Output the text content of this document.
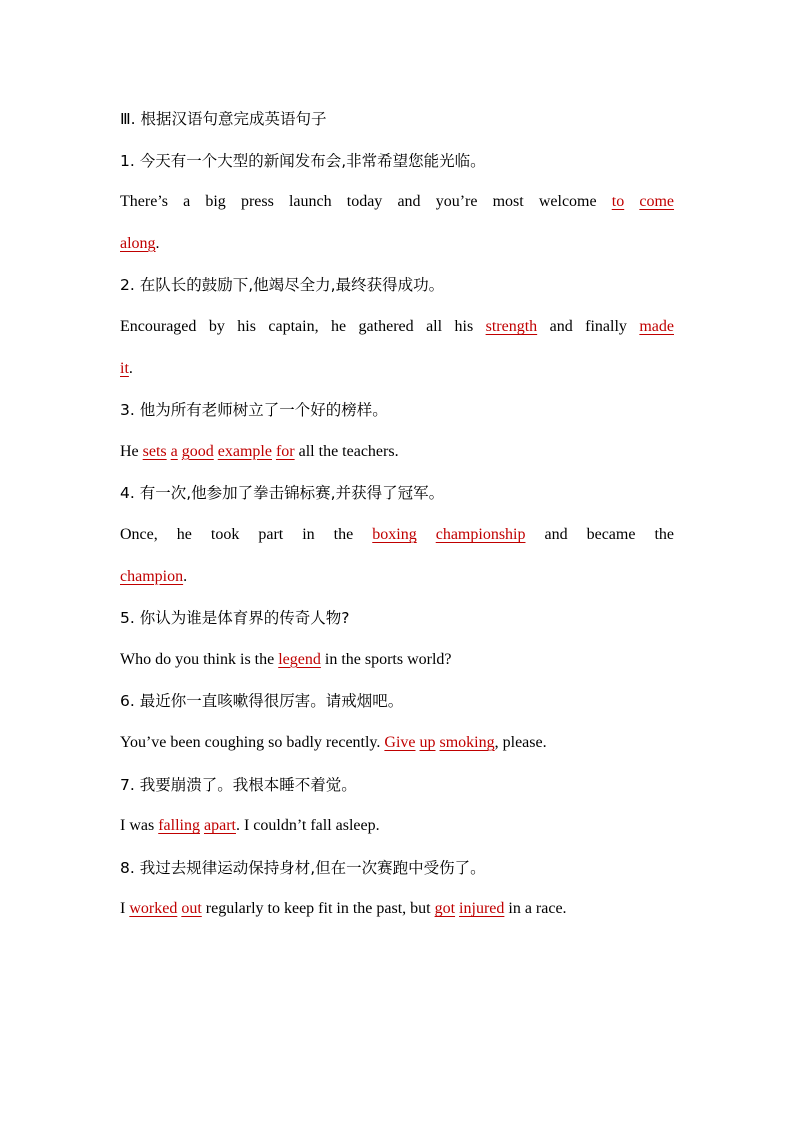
Ⅲ. 根据汉语句意完成英语句子
1. 今天有一个大型的新闻发布会,非常希望您能光临。
There’s a big press launch today and you’re most welcome to come
along.
2. 在队长的鼓励下,他竭尽全力,最终获得成功。
Encouraged by his captain, he gathered all his strength and finally made
it.
3. 他为所有老师树立了一个好的榜样。
He sets a good example for all the teachers.
4. 有一次,他参加了拳击锦标赛,并获得了冠军。
Once, he took part in the boxing championship and became the
champion.
5. 你认为谁是体育界的传奇人物?
Who do you think is the legend in the sports world?
6. 最近你一直咳嗽得很厉害。请戒烟吧。
You’ve been coughing so badly recently. Give up smoking, please.
7. 我要崩溃了。我根本睡不着觉。
I was falling apart. I couldn’t fall asleep.
8. 我过去规律运动保持身材,但在一次赛跑中受伤了。
I worked out regularly to keep fit in the past, but got injured in a race.
